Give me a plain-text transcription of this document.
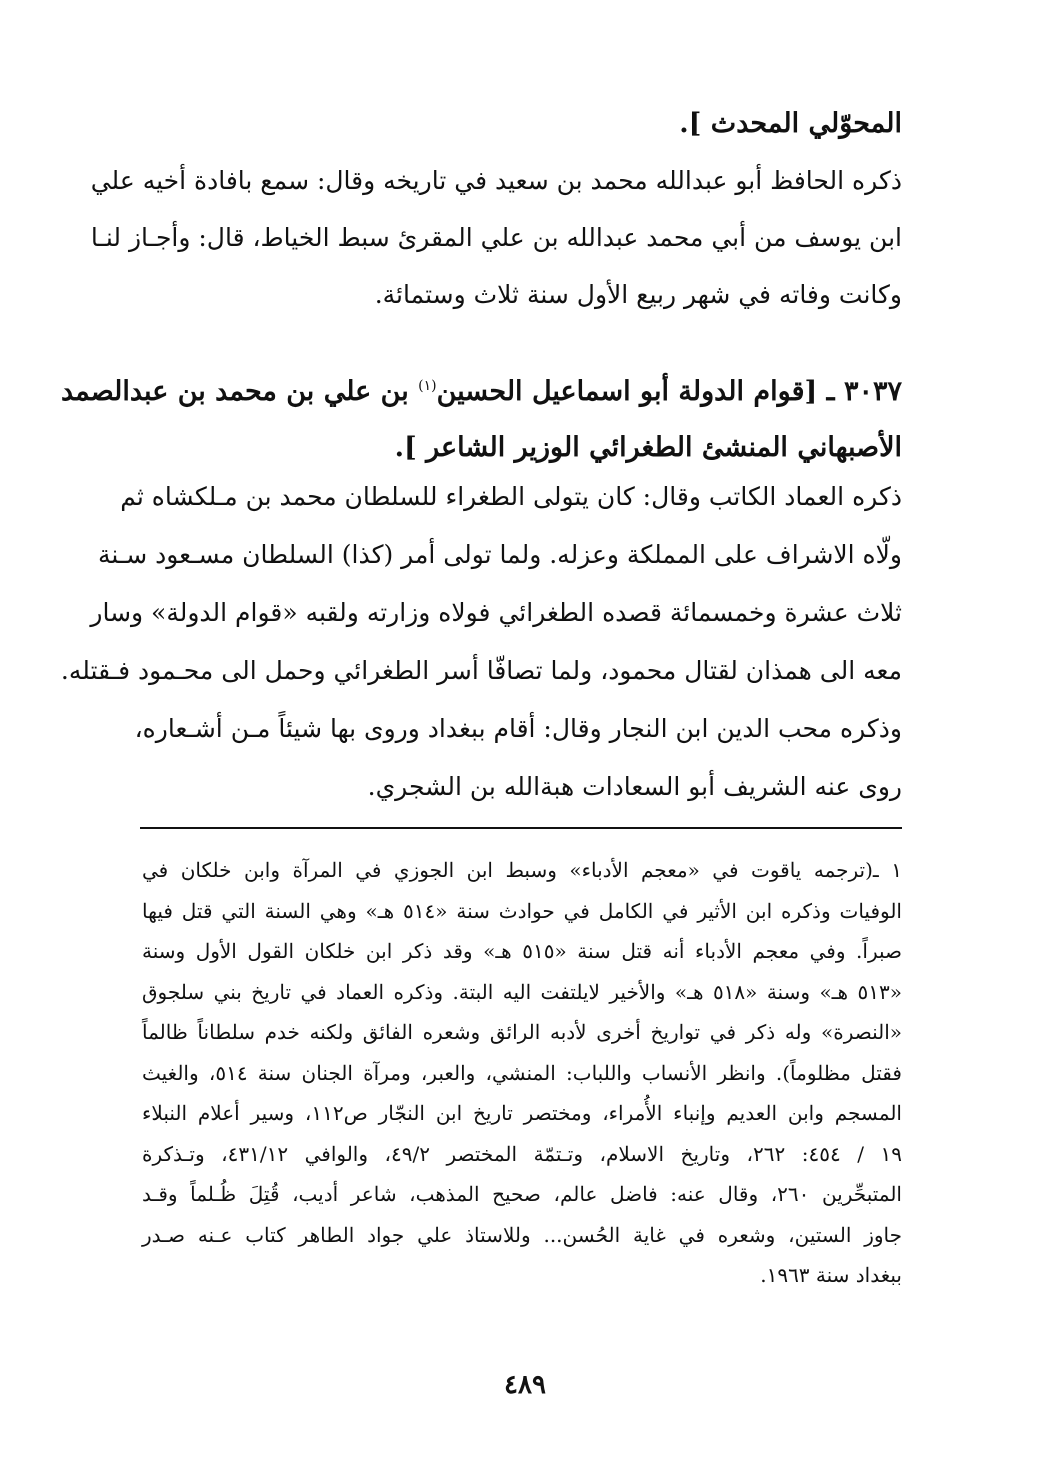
المحوّلي المحدث ].
ذكره الحافظ أبو عبدالله محمد بن سعيد في تاريخه وقال: سمع بافادة أخيه علي
ابن يوسف من أبي محمد عبدالله بن علي المقرئ سبط الخياط، قال: وأجـاز لنـا
وكانت وفاته في شهر ربيع الأول سنة ثلاث وستمائة.
٣٠٣٧ ـ [قوام الدولة أبو اسماعيل الحسين$^{(١)}$ بن علي بن محمد بن عبدالصمد
الأصبهاني المنشئ الطغرائي الوزير الشاعر ].
ذكره العماد الكاتب وقال: كان يتولى الطغراء للسلطان محمد بن مـلكشاه ثم
ولّاه الاشراف على المملكة وعزله. ولما تولى أمر (كذا) السلطان مسـعود سـنة
ثلاث عشرة وخمسمائة قصده الطغرائي فولاه وزارته ولقبه «قوام الدولة» وسار
معه الى همذان لقتال محمود، ولما تصافّا أسر الطغرائي وحمل الى محـمود فـقتله.
وذكره محب الدين ابن النجار وقال: أقام ببغداد وروى بها شيئاً مـن أشـعاره،
روى عنه الشريف أبو السعادات هبةالله بن الشجري.
١ ـ(ترجمه ياقوت في «معجم الأدباء» وسبط ابن الجوزي في المرآة وابن خلكان في
الوفيات وذكره ابن الأثير في الكامل في حوادث سنة «٥١٤ هـ» وهي السنة التي قتل فيها
صبراً. وفي معجم الأدباء أنه قتل سنة «٥١٥ هـ» وقد ذكر ابن خلكان القول الأول وسنة
«٥١٣ هـ» وسنة «٥١٨ هـ» والأخير لايلتفت اليه البتة. وذكره العماد في تاريخ بني سلجوق
«النصرة» وله ذكر في تواريخ أخرى لأدبه الرائق وشعره الفائق ولكنه خدم سلطاناً ظالماً
فقتل مظلوماً). وانظر الأنساب واللباب: المنشي، والعبر، ومرآة الجنان سنة ٥١٤، والغيث
المسجم وابن العديم وإنباء الأُمراء، ومختصر تاريخ ابن النجّار ص١١٢، وسير أعلام النبلاء
١٩ / ٤٥٤: ٢٦٢، وتاريخ الاسلام، وتـتمّة المختصر ٤٩/٢، والوافي ٤٣١/١٢، وتـذكرة
المتبحِّرين ٢٦٠، وقال عنه: فاضل عالم، صحيح المذهب، شاعر أديب، قُتِلَ ظُـلماً وقـد
جاوز الستين، وشعره في غاية الحُسن... وللاستاذ علي جواد الطاهر كتاب عـنه صـدر
ببغداد سنة ١٩٦٣.
٤٨٩
